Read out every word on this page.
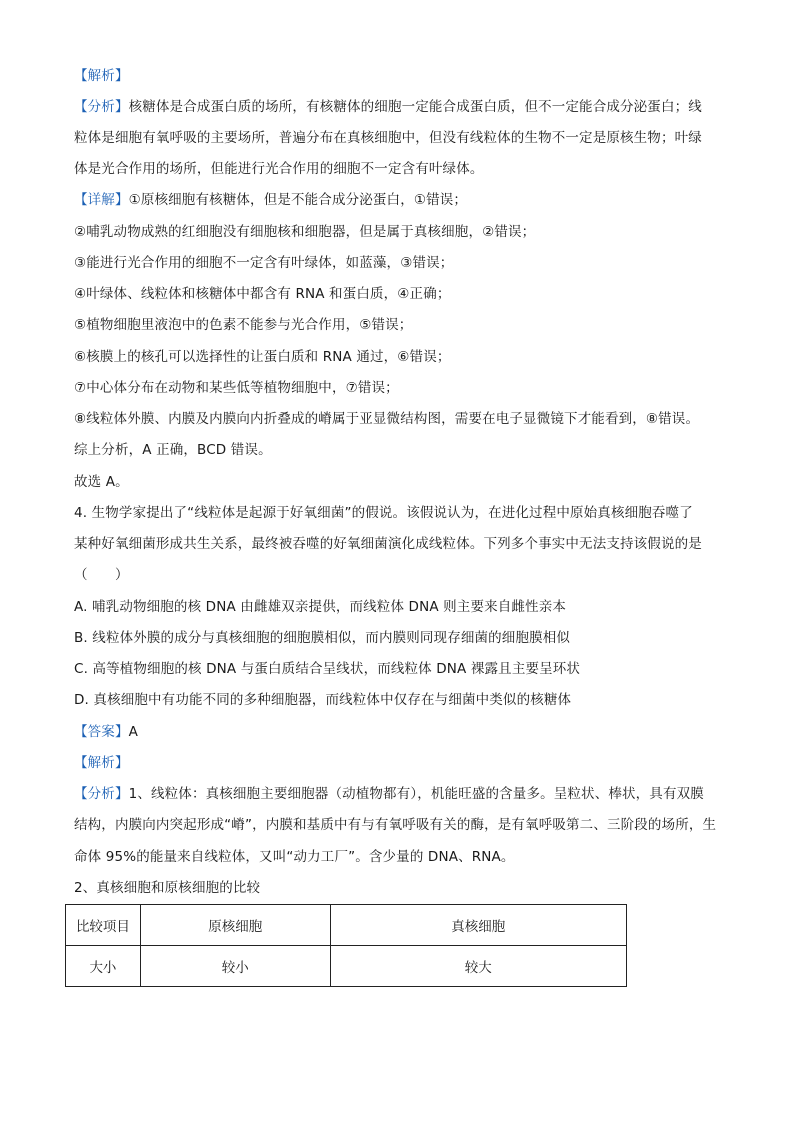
【解析】
【分析】核糖体是合成蛋白质的场所，有核糖体的细胞一定能合成蛋白质，但不一定能合成分泌蛋白；线
粒体是细胞有氧呼吸的主要场所，普遍分布在真核细胞中，但没有线粒体的生物不一定是原核生物；叶绿
体是光合作用的场所，但能进行光合作用的细胞不一定含有叶绿体。
【详解】①原核细胞有核糖体，但是不能合成分泌蛋白，①错误；
②哺乳动物成熟的红细胞没有细胞核和细胞器，但是属于真核细胞，②错误；
③能进行光合作用的细胞不一定含有叶绿体，如蓝藻，③错误；
④叶绿体、线粒体和核糖体中都含有 RNA 和蛋白质，④正确；
⑤植物细胞里液泡中的色素不能参与光合作用，⑤错误；
⑥核膜上的核孔可以选择性的让蛋白质和 RNA 通过，⑥错误；
⑦中心体分布在动物和某些低等植物细胞中，⑦错误；
⑧线粒体外膜、内膜及内膜向内折叠成的嵴属于亚显微结构图，需要在电子显微镜下才能看到，⑧错误。
综上分析，A 正确，BCD 错误。
故选 A。
4. 生物学家提出了“线粒体是起源于好氧细菌”的假说。该假说认为，在进化过程中原始真核细胞吞噬了
某种好氧细菌形成共生关系，最终被吞噬的好氧细菌演化成线粒体。下列多个事实中无法支持该假说的是
（　　）
A. 哺乳动物细胞的核 DNA 由雌雄双亲提供，而线粒体 DNA 则主要来自雌性亲本
B. 线粒体外膜的成分与真核细胞的细胞膜相似，而内膜则同现存细菌的细胞膜相似
C. 高等植物细胞的核 DNA 与蛋白质结合呈线状，而线粒体 DNA 裸露且主要呈环状
D. 真核细胞中有功能不同的多种细胞器，而线粒体中仅存在与细菌中类似的核糖体
【答案】A
【解析】
【分析】1、线粒体：真核细胞主要细胞器（动植物都有），机能旺盛的含量多。呈粒状、棒状，具有双膜
结构，内膜向内突起形成“嵴”，内膜和基质中有与有氧呼吸有关的酶，是有氧呼吸第二、三阶段的场所，生
命体 95%的能量来自线粒体，又叫“动力工厂”。含少量的 DNA、RNA。
2、真核细胞和原核细胞的比较
比较项目	原核细胞	真核细胞
大小	较小	较大
